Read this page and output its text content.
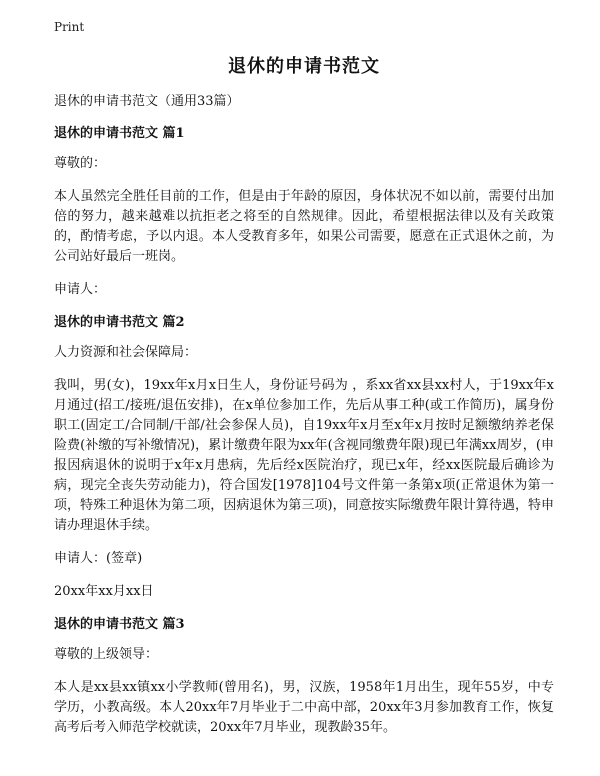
Print
退休的申请书范文
退休的申请书范文（通用33篇）
退休的申请书范文 篇1
尊敬的：
本人虽然完全胜任目前的工作，但是由于年龄的原因，身体状况不如以前，需要付出加倍的努力，越来越难以抗拒老之将至的自然规律。因此，希望根据法律以及有关政策的，酌情考虑，予以内退。本人受教育多年，如果公司需要，愿意在正式退休之前，为公司站好最后一班岗。
申请人：
退休的申请书范文 篇2
人力资源和社会保障局：
我叫，男(女)，19xx年x月x日生人，身份证号码为 ，系xx省xx县xx村人，于19xx年x月通过(招工/接班/退伍安排)，在x单位参加工作，先后从事工种(或工作简历)，属身份职工(固定工/合同制/干部/社会参保人员)，自19xx年x月至x年x月按时足额缴纳养老保险费(补缴的写补缴情况)，累计缴费年限为xx年(含视同缴费年限)现已年满xx周岁，(申报因病退休的说明于x年x月患病，先后经x医院治疗，现已x年，经xx医院最后确诊为病，现完全丧失劳动能力)，符合国发[1978]104号文件第一条第x项(正常退休为第一项，特殊工种退休为第二项，因病退休为第三项)，同意按实际缴费年限计算待遇，特申请办理退休手续。
申请人：(签章)
20xx年xx月xx日
退休的申请书范文 篇3
尊敬的上级领导：
本人是xx县xx镇xx小学教师(曾用名)，男，汉族，1958年1月出生，现年55岁，中专学历，小教高级。本人20xx年7月毕业于二中高中部，20xx年3月参加教育工作，恢复高考后考入师范学校就读，20xx年7月毕业，现教龄35年。
